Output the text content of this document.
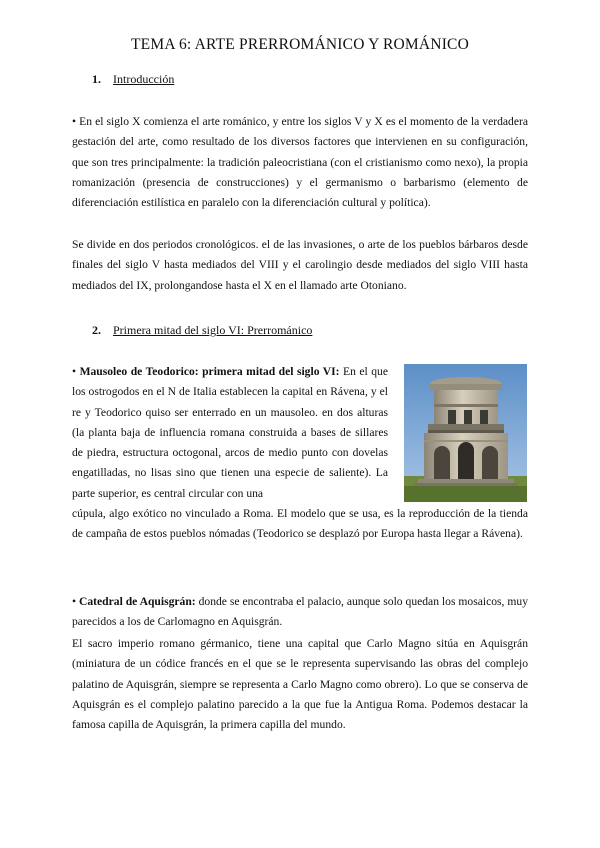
TEMA 6: ARTE PRERROMÁNICO Y ROMÁNICO
1. Introducción

• En el siglo X comienza el arte románico, y entre los siglos V y X es el momento de la verdadera gestación del arte, como resultado de los diversos factores que intervienen en su configuración, que son tres principalmente: la tradición paleocristiana (con el cristianismo como nexo), la propia romanización (presencia de construcciones) y el germanismo o barbarismo (elemento de diferenciación estilística en paralelo con la diferenciación cultural y política).

Se divide en dos periodos cronológicos. el de las invasiones, o arte de los pueblos bárbaros desde finales del siglo V hasta mediados del VIII y el carolingio desde mediados del siglo VIII hasta mediados del IX, prolongandose hasta el X en el llamado arte Otoniano.

2. Primera mitad del siglo VI: Prerrománico

• Mausoleo de Teodorico: primera mitad del siglo VI: En el que los ostrogodos en el N de Italia establecen la capital en Rávena, y el re y Teodorico quiso ser enterrado en un mausoleo. en dos alturas (la planta baja de influencia romana construida a bases de sillares de piedra, estructura octogonal, arcos de medio punto con dovelas engatilladas, no lisas sino que tienen una especie de saliente). La parte superior, es central circular con una

cúpula, algo exótico no vinculado a Roma. El modelo que se usa, es la reproducción de la tienda de campaña de estos pueblos nómadas (Teodorico se desplazó por Europa hasta llegar a Rávena).

• Catedral de Aquisgrán: donde se encontraba el palacio, aunque solo quedan los mosaicos, muy parecidos a los de Carlomagno en Aquisgrán.

El sacro imperio romano gérmanico, tiene una capital que Carlo Magno sitúa en Aquisgrán (miniatura de un códice francés en el que se le representa supervisando las obras del complejo palatino de Aquisgrán, siempre se representa a Carlo Magno como obrero). Lo que se conserva de Aquisgrán es el complejo palatino parecido a la que fue la Antigua Roma. Podemos destacar la famosa capilla de Aquisgrán, la primera capilla del mundo.
